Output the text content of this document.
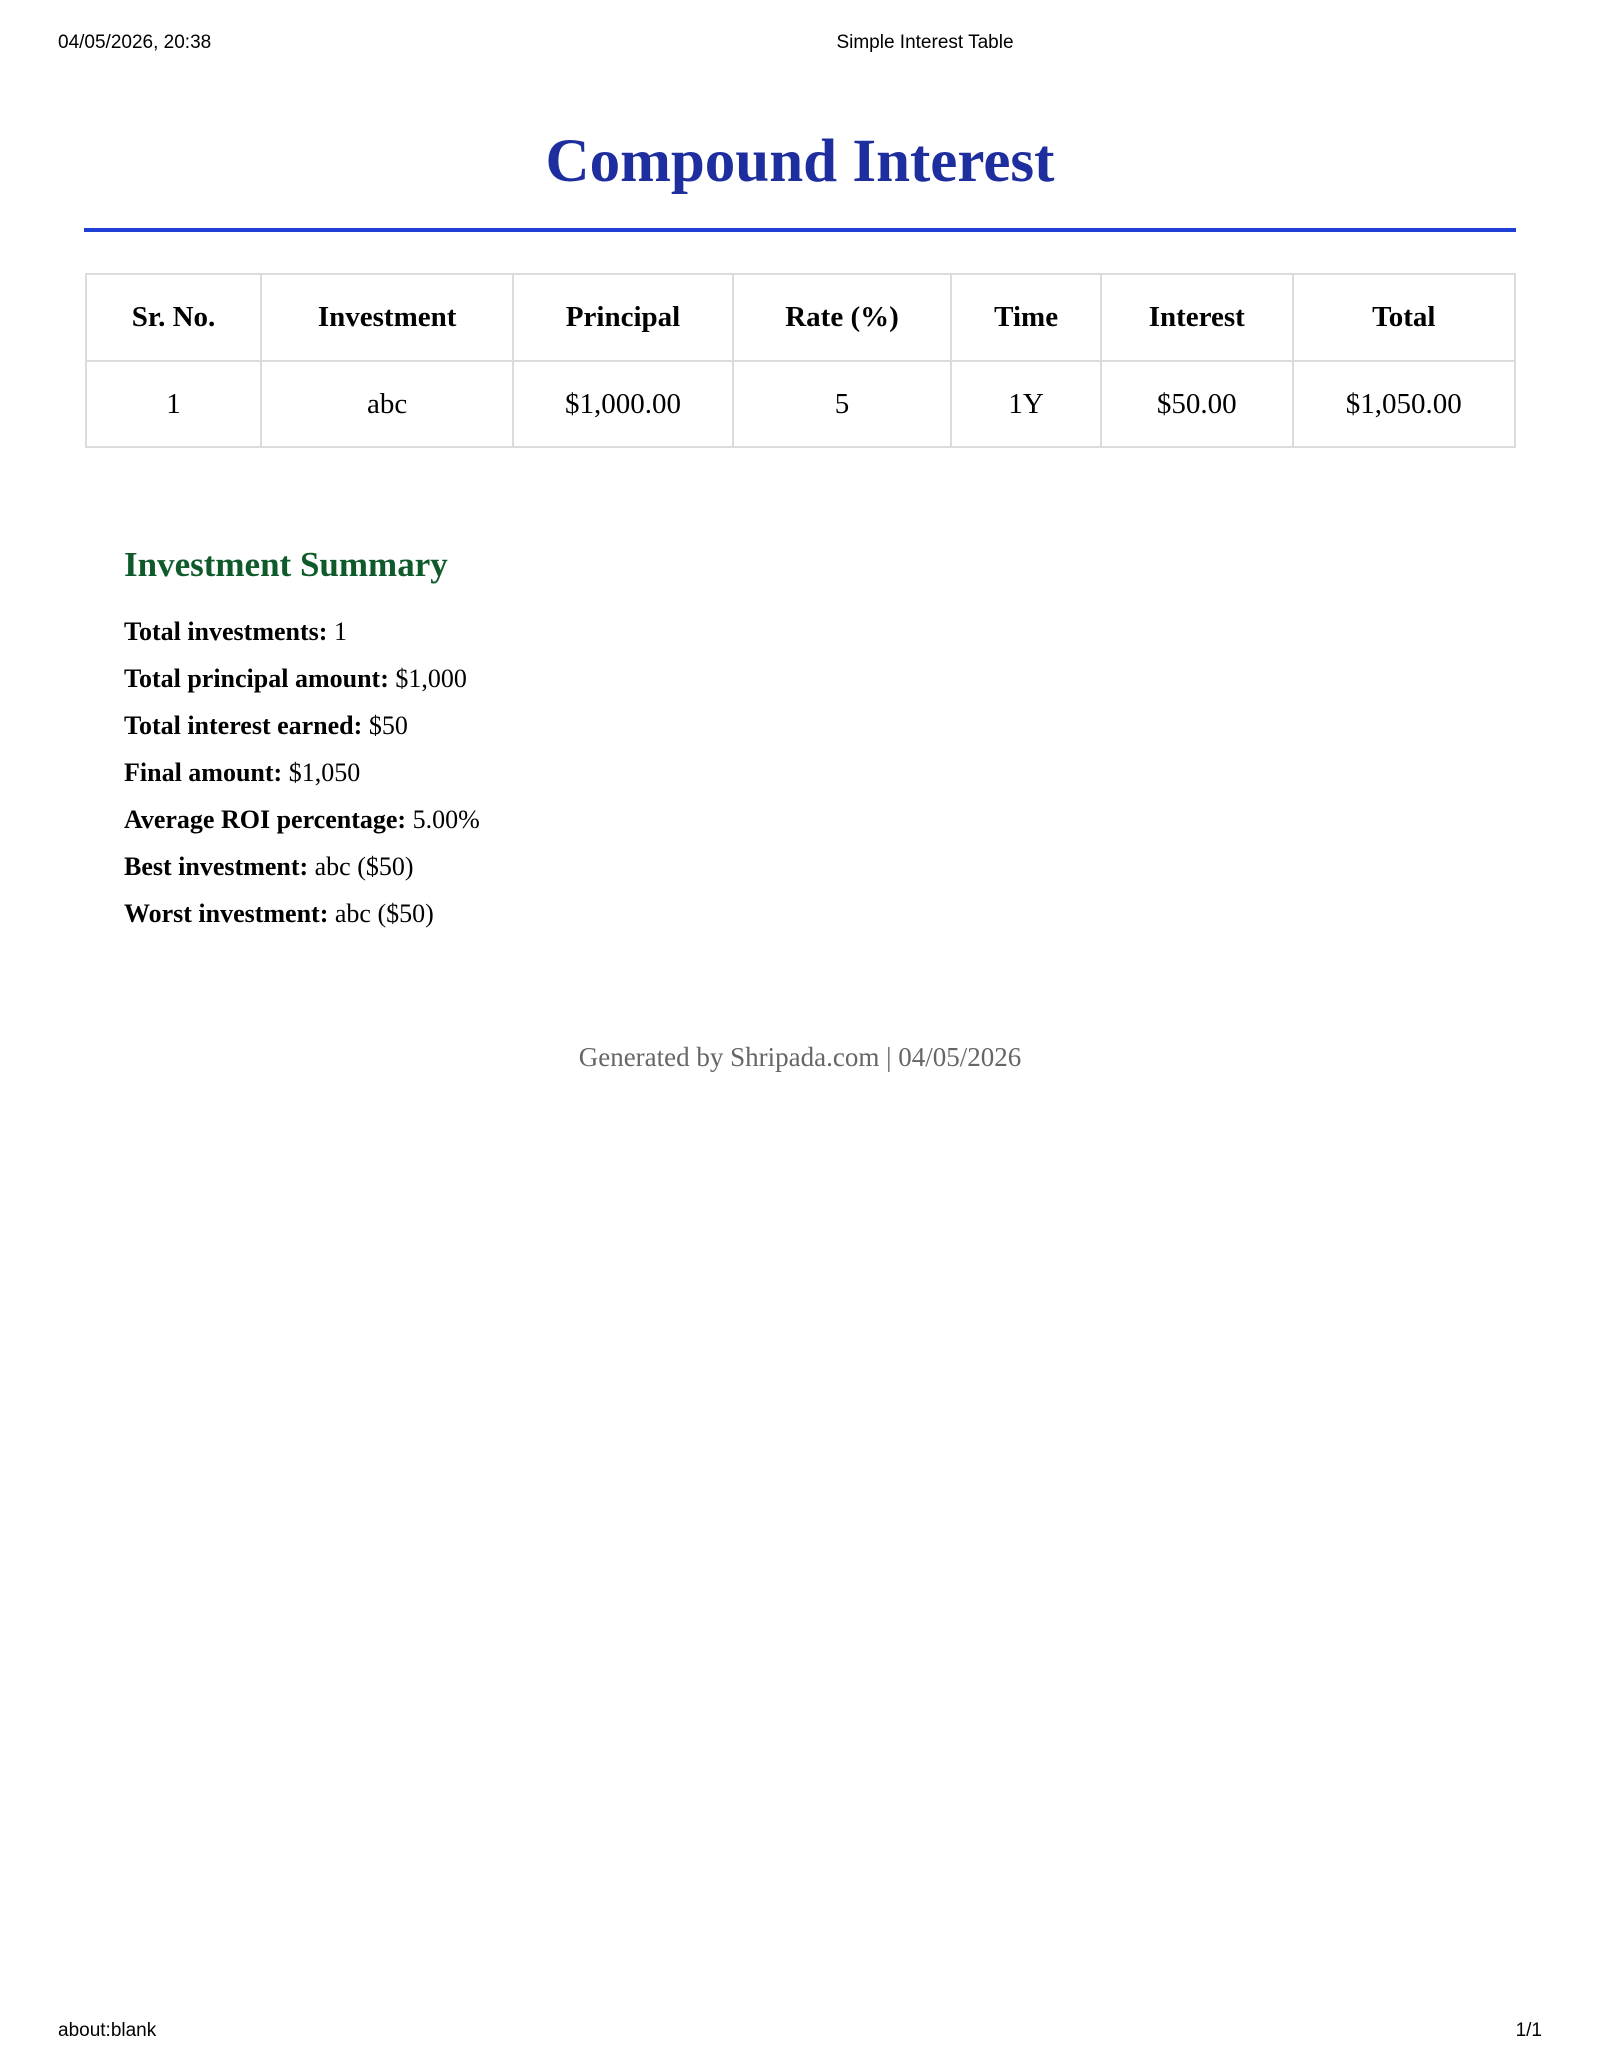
04/05/2026, 20:38	Simple Interest Table
Compound Interest
Sr. No.	Investment	Principal	Rate (%)	Time	Interest	Total
1	abc	$1,000.00	5	1Y	$50.00	$1,050.00
Investment Summary
Total investments: 1
Total principal amount: $1,000
Total interest earned: $50
Final amount: $1,050
Average ROI percentage: 5.00%
Best investment: abc ($50)
Worst investment: abc ($50)
Generated by Shripada.com | 04/05/2026
about:blank	1/1
